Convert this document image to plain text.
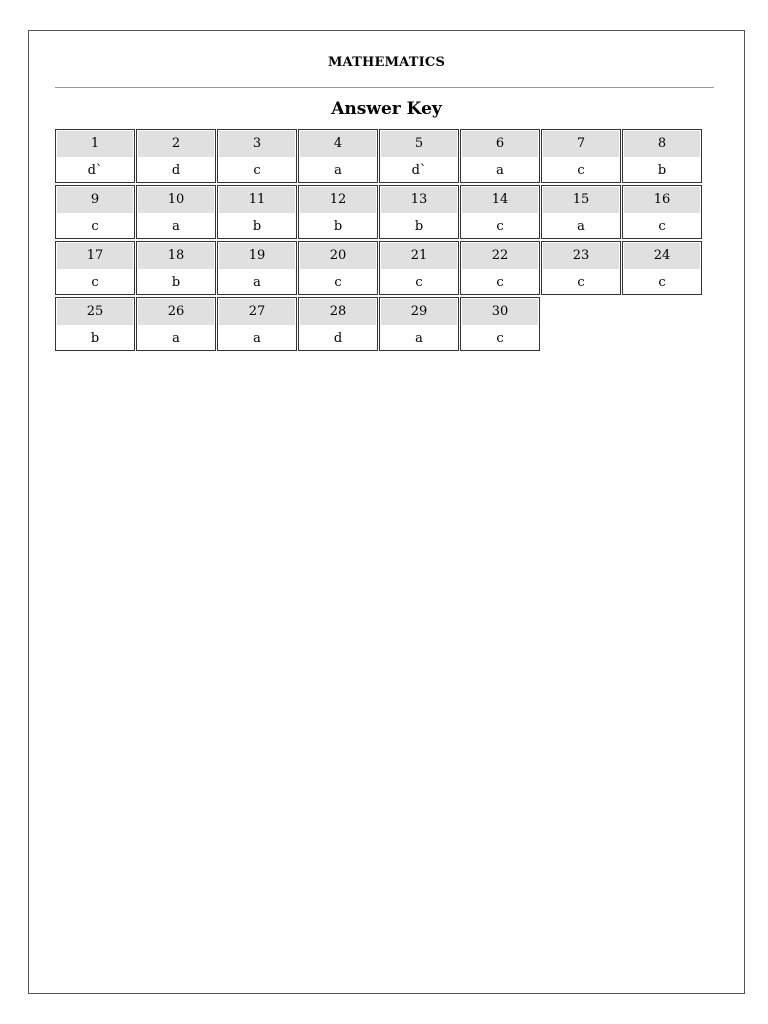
MATHEMATICS
Answer Key
1
d`
2
d
3
c
4
a
5
d`
6
a
7
c
8
b
9
c
10
a
11
b
12
b
13
b
14
c
15
a
16
c
17
c
18
b
19
a
20
c
21
c
22
c
23
c
24
c
25
b
26
a
27
a
28
d
29
a
30
c
